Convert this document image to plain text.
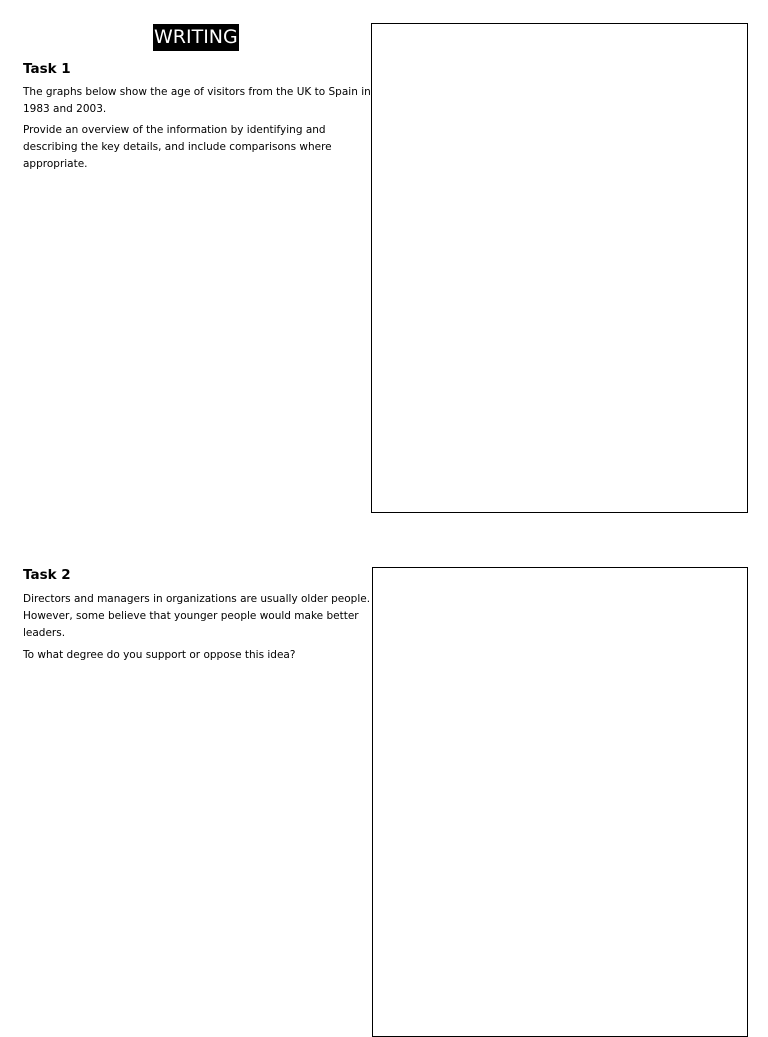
WRITING
Task 1

The graphs below show the age of visitors from the UK to Spain in 1983 and 2003.

Provide an overview of the information by identifying and describing the key details, and include comparisons where appropriate.

Task 2

Directors and managers in organizations are usually older people. However, some believe that younger people would make better leaders.

To what degree do you support or oppose this idea?
